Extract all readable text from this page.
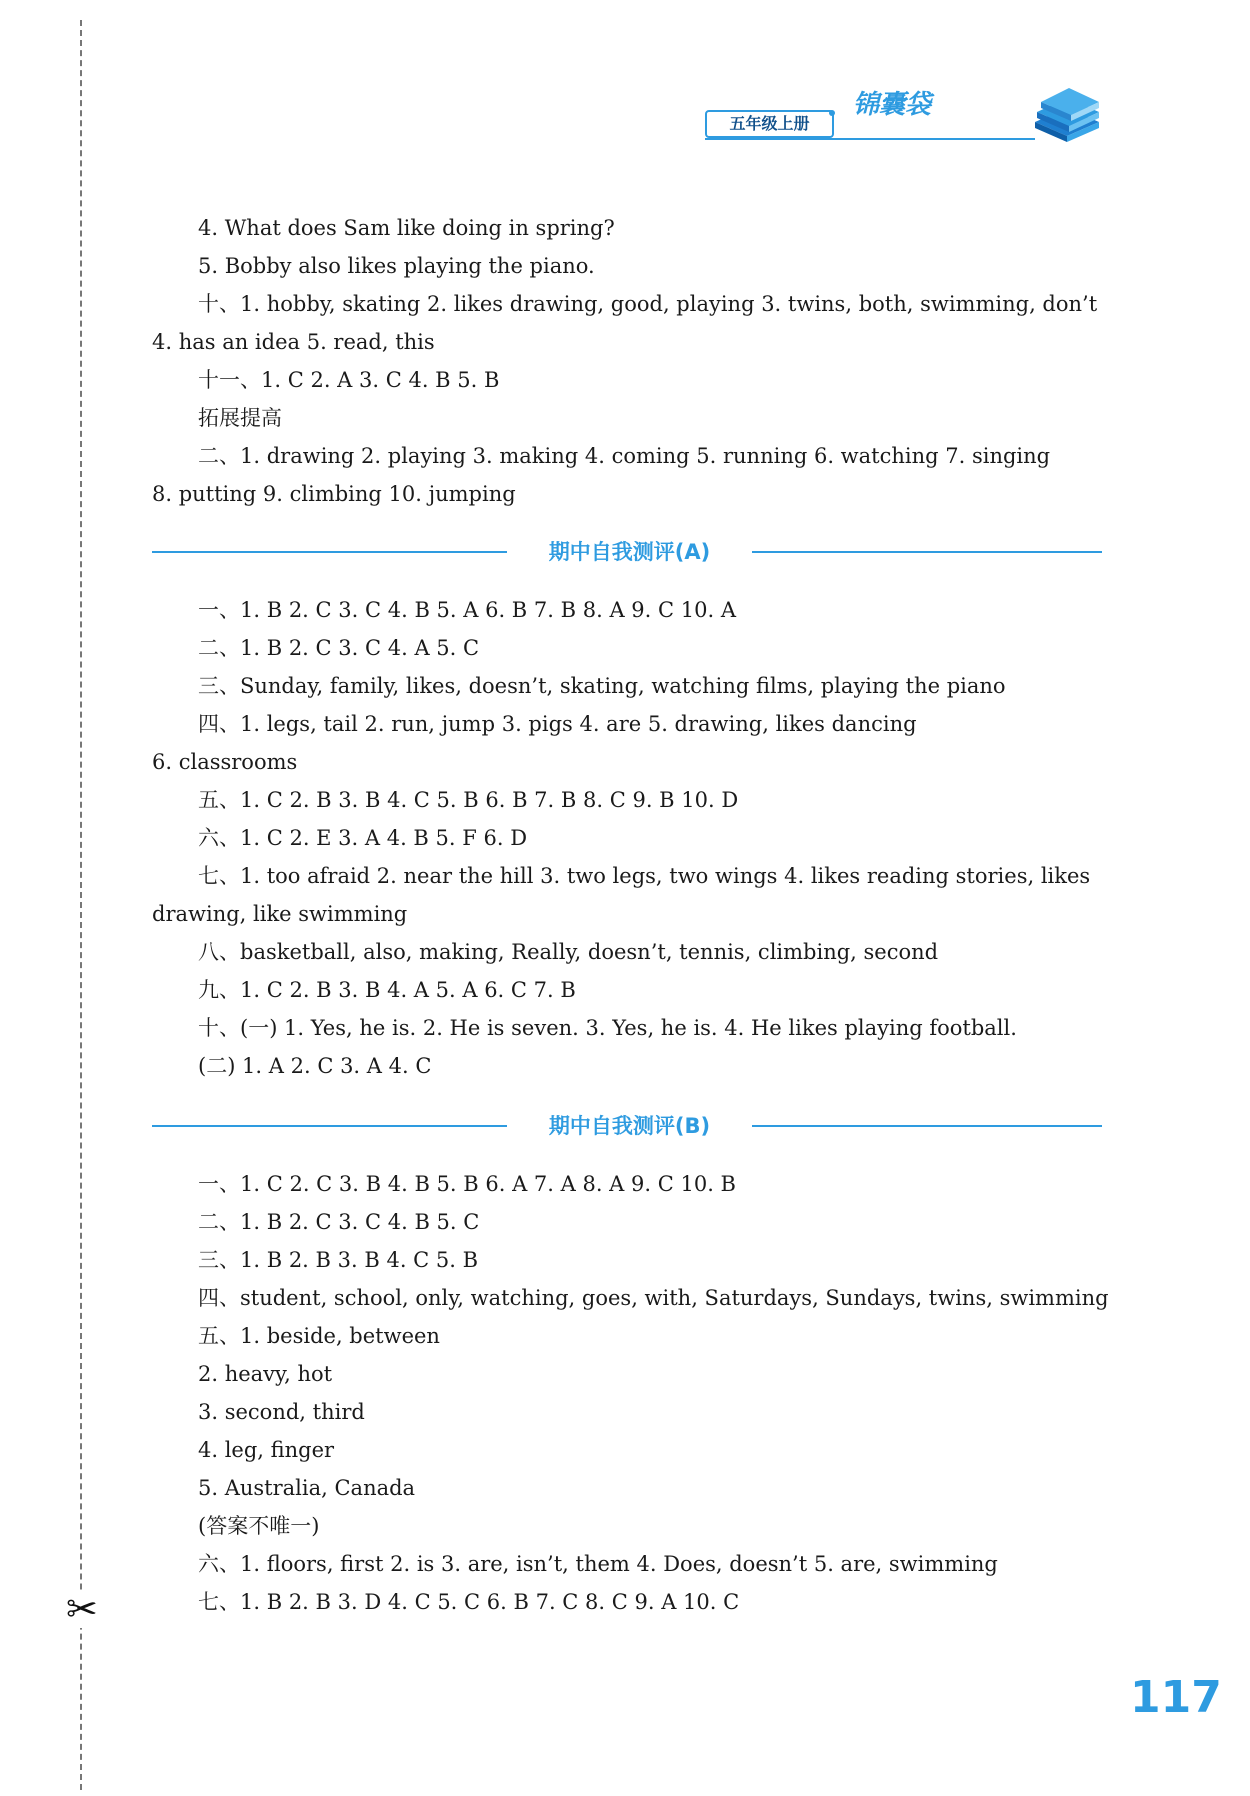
✂
五年级上册
锦囊袋
4. What does Sam like doing in spring?
5. Bobby also likes playing the piano.
十、1. hobby, skating 2. likes drawing, good, playing 3. twins, both, swimming, don’t
4. has an idea 5. read, this
十一、1. C 2. A 3. C 4. B 5. B
拓展提高
二、1. drawing 2. playing 3. making 4. coming 5. running 6. watching 7. singing
8. putting 9. climbing 10. jumping
期中自我测评(A)
一、1. B 2. C 3. C 4. B 5. A 6. B 7. B 8. A 9. C 10. A
二、1. B 2. C 3. C 4. A 5. C
三、Sunday, family, likes, doesn’t, skating, watching films, playing the piano
四、1. legs, tail 2. run, jump 3. pigs 4. are 5. drawing, likes dancing
6. classrooms
五、1. C 2. B 3. B 4. C 5. B 6. B 7. B 8. C 9. B 10. D
六、1. C 2. E 3. A 4. B 5. F 6. D
七、1. too afraid 2. near the hill 3. two legs, two wings 4. likes reading stories, likes
drawing, like swimming
八、basketball, also, making, Really, doesn’t, tennis, climbing, second
九、1. C 2. B 3. B 4. A 5. A 6. C 7. B
十、(一) 1. Yes, he is. 2. He is seven. 3. Yes, he is. 4. He likes playing football.
(二) 1. A 2. C 3. A 4. C
期中自我测评(B)
一、1. C 2. C 3. B 4. B 5. B 6. A 7. A 8. A 9. C 10. B
二、1. B 2. C 3. C 4. B 5. C
三、1. B 2. B 3. B 4. C 5. B
四、student, school, only, watching, goes, with, Saturdays, Sundays, twins, swimming
五、1. beside, between
2. heavy, hot
3. second, third
4. leg, finger
5. Australia, Canada
(答案不唯一)
六、1. floors, first 2. is 3. are, isn’t, them 4. Does, doesn’t 5. are, swimming
七、1. B 2. B 3. D 4. C 5. C 6. B 7. C 8. C 9. A 10. C
117
